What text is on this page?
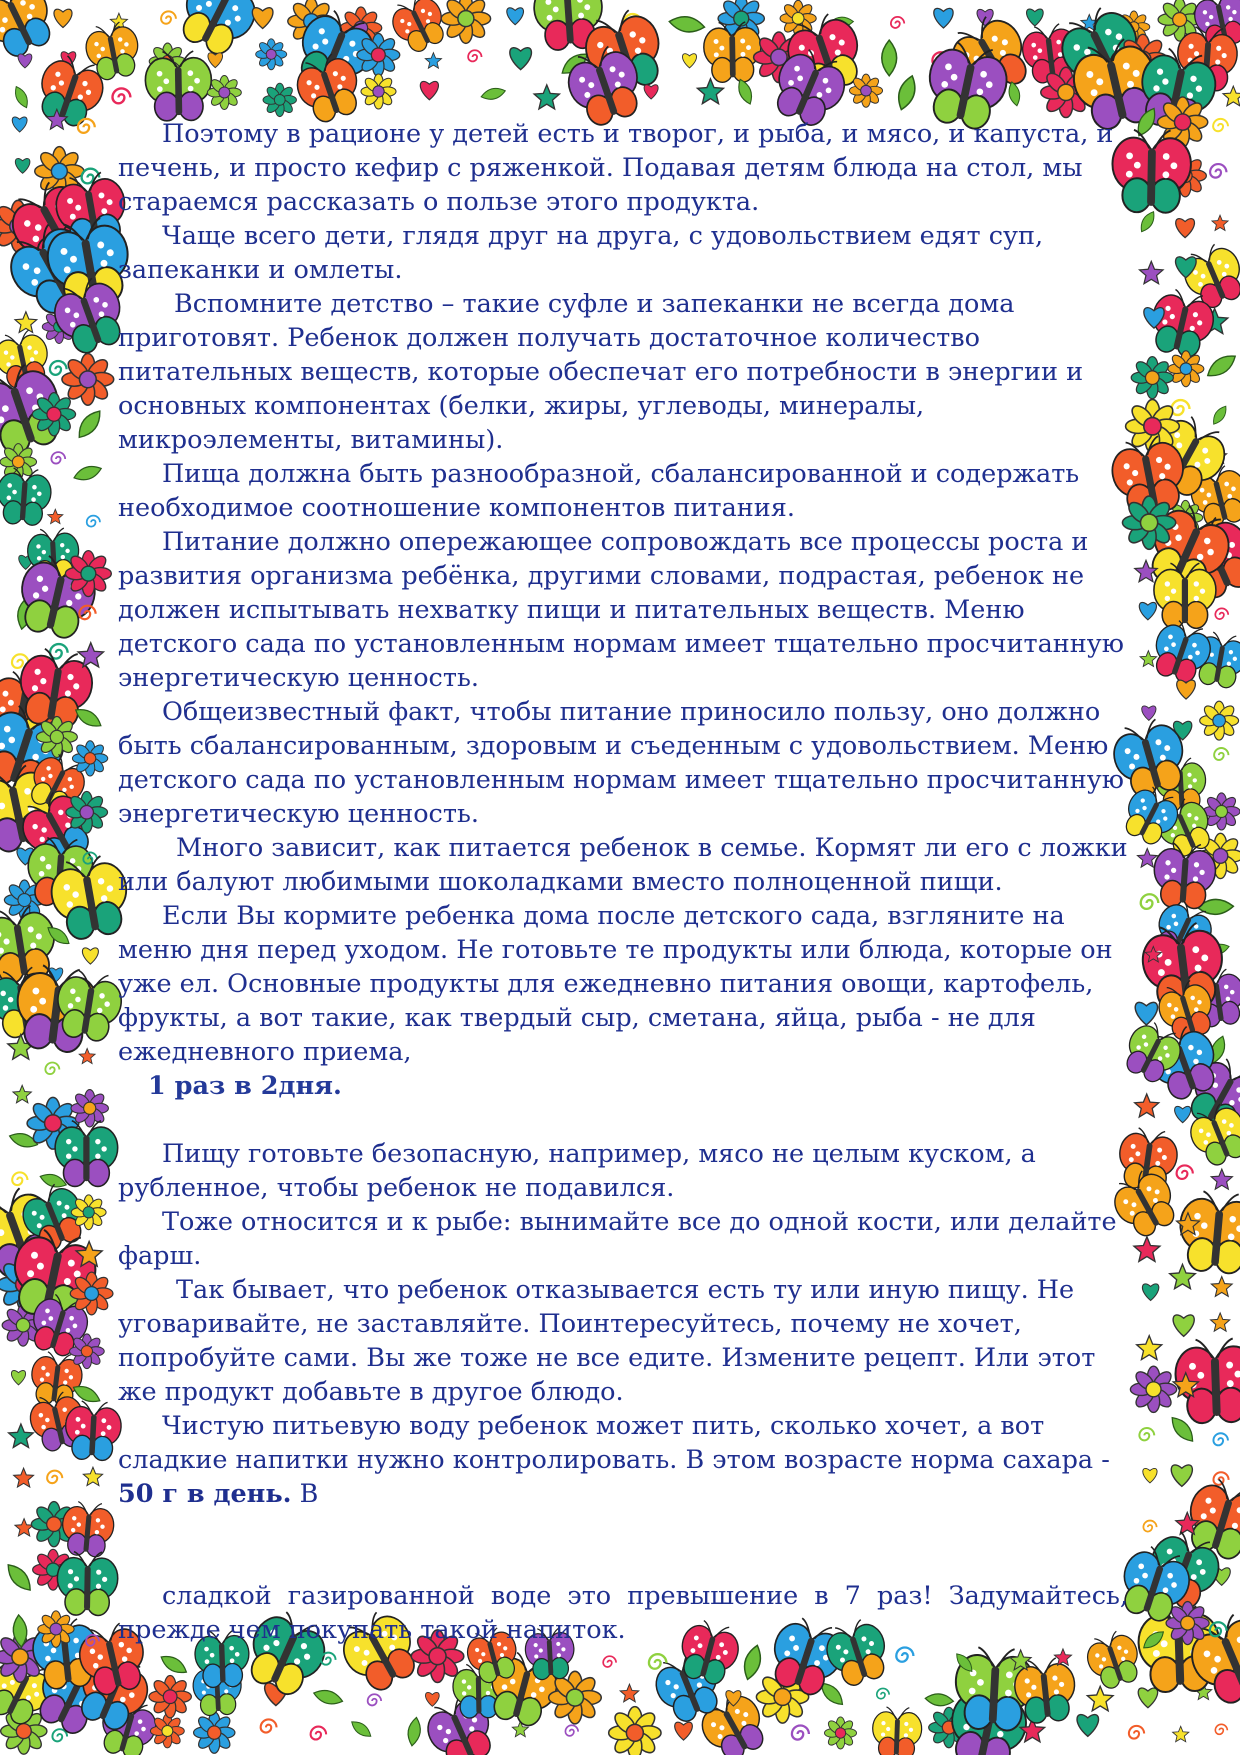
Поэтому в рационе у детей есть и творог, и рыба, и мясо, и капуста, и печень, и просто кефир с ряженкой. Подавая детям блюда на стол, мы стараемся рассказать о пользе этого продукта.

Чаще всего дети, глядя друг на друга, с удовольствием едят суп, запеканки и омлеты.

Вспомните детство – такие суфле и запеканки не всегда дома приготовят. Ребенок должен получать достаточное количество питательных веществ, которые обеспечат его потребности в энергии и основных компонентах (белки, жиры, углеводы, минералы, микроэлементы, витамины).

Пища должна быть разнообразной, сбалансированной и содержать необходимое соотношение компонентов питания.

Питание должно опережающее сопровождать все процессы роста и развития организма ребёнка, другими словами, подрастая, ребенок не должен испытывать нехватку пищи и питательных веществ. Меню детского сада по установленным нормам имеет тщательно просчитанную энергетическую ценность.

Общеизвестный факт, чтобы питание приносило пользу, оно должно быть сбалансированным, здоровым и съеденным с удовольствием. Меню детского сада по установленным нормам имеет тщательно просчитанную энергетическую ценность.

Много зависит, как питается ребенок в семье. Кормят ли его с ложки или балуют любимыми шоколадками вместо полноценной пищи.

Если Вы кормите ребенка дома после детского сада, взгляните на меню дня перед уходом. Не готовьте те продукты или блюда, которые он уже ел. Основные продукты для ежедневно питания овощи, картофель, фрукты, а вот такие, как твердый сыр, сметана, яйца, рыба - не для ежедневного приема,

1 раз в 2дня.

Пищу готовьте безопасную, например, мясо не целым куском, а рубленное, чтобы ребенок не подавился.

Тоже относится и к рыбе: вынимайте все до одной кости, или делайте фарш.

Так бывает, что ребенок отказывается есть ту или иную пищу. Не уговаривайте, не заставляйте. Поинтересуйтесь, почему не хочет, попробуйте сами. Вы же тоже не все едите. Измените рецепт. Или этот же продукт добавьте в другое блюдо.

Чистую питьевую воду ребенок может пить, сколько хочет, а вот сладкие напитки нужно контролировать. В этом возрасте норма сахара - 50 г в день. В

сладкой газированной воде это превышение в 7 раз! Задумайтесь, прежде чем покупать такой напиток.
